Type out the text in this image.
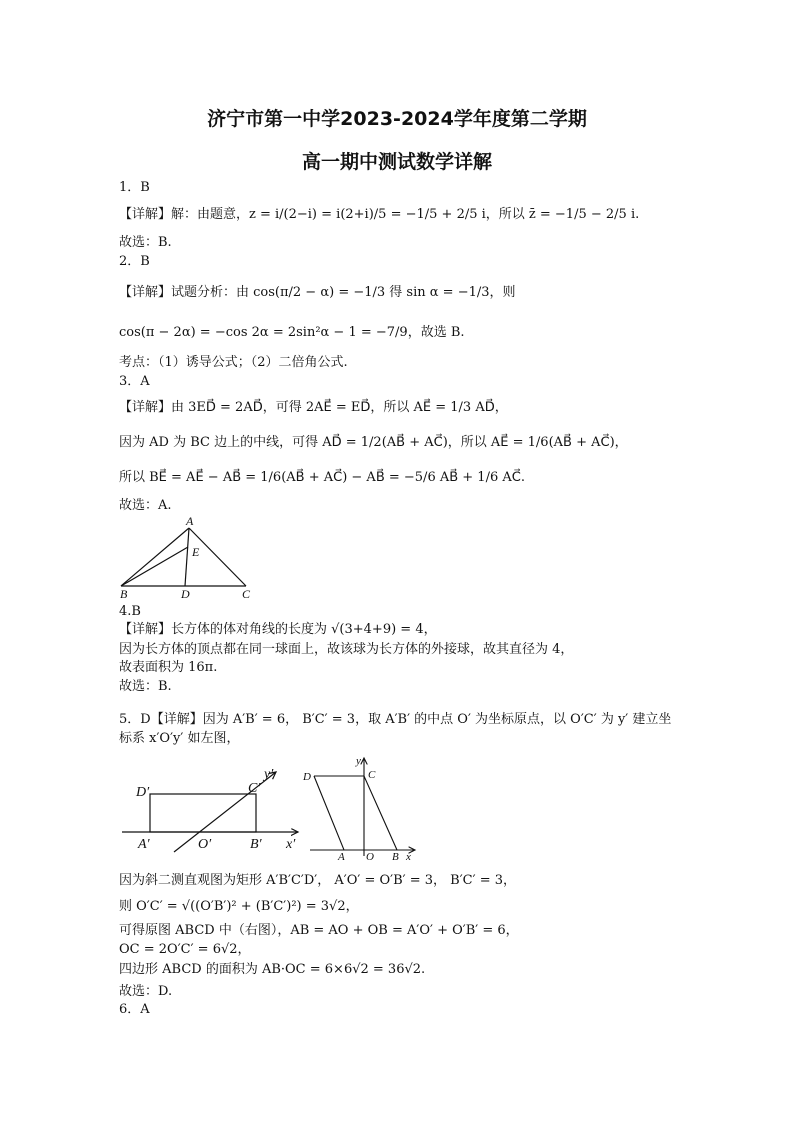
济宁市第一中学2023-2024学年度第二学期
高一期中测试数学详解
1．B
【详解】解：由题意，z = i/(2−i) = i(2+i)/5 = −1/5 + 2/5 i，所以 z̄ = −1/5 − 2/5 i.
故选：B.
2．B
【详解】试题分析：由 cos(π/2 − α) = −1/3 得 sin α = −1/3，则
cos(π − 2α) = −cos 2α = 2sin²α − 1 = −7/9，故选 B.
考点：（1）诱导公式；（2）二倍角公式.
3．A
【详解】由 3ED⃗ = 2AD⃗，可得 2AE⃗ = ED⃗，所以 AE⃗ = 1/3 AD⃗，
因为 AD 为 BC 边上的中线，可得 AD⃗ = 1/2(AB⃗ + AC⃗)，所以 AE⃗ = 1/6(AB⃗ + AC⃗)，
所以 BE⃗ = AE⃗ − AB⃗ = 1/6(AB⃗ + AC⃗) − AB⃗ = −5/6 AB⃗ + 1/6 AC⃗.
故选：A.
A
E
B	D	C
4.B
【详解】长方体的体对角线的长度为 √(3+4+9) = 4，
因为长方体的顶点都在同一球面上，故该球为长方体的外接球，故其直径为 4，
故表面积为 16π.
故选：B.
5．D【详解】因为 A′B′ = 6， B′C′ = 3，取 A′B′ 的中点 O′ 为坐标原点，以 O′C′ 为 y′ 建立坐
标系 x′O′y′ 如左图，
D′	C′
y′
A′	O′	B′ x′
D
y
C
A O B x
因为斜二测直观图为矩形 A′B′C′D′， A′O′ = O′B′ = 3， B′C′ = 3，
则 O′C′ = √((O′B′)² + (B′C′)²) = 3√2，
可得原图 ABCD 中（右图），AB = AO + OB = A′O′ + O′B′ = 6，
OC = 2O′C′ = 6√2，
四边形 ABCD 的面积为 AB·OC = 6×6√2 = 36√2.
故选：D.
6．A
